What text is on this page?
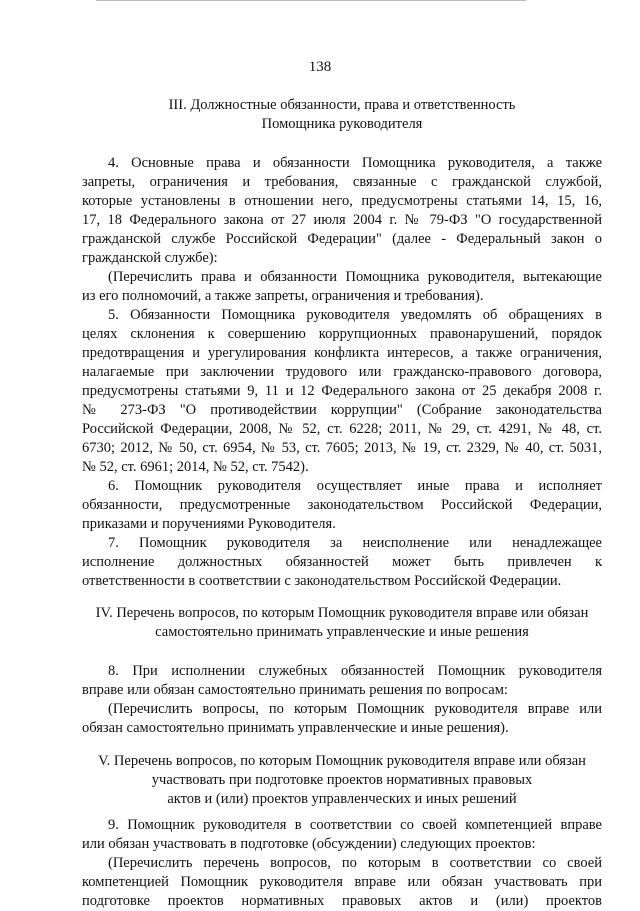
138

III. Должностные обязанности, права и ответственность

Помощника руководителя

4. Основные права и обязанности Помощника руководителя, а также

запреты, ограничения и требования, связанные с гражданской службой,

которые установлены в отношении него, предусмотрены статьями 14, 15, 16,

17, 18 Федерального закона от 27 июля 2004 г. № 79-ФЗ "О государственной

гражданской службе Российской Федерации" (далее - Федеральный закон о

гражданской службе):

(Перечислить права и обязанности Помощника руководителя, вытекающие

из его полномочий, а также запреты, ограничения и требования).

5. Обязанности Помощника руководителя уведомлять об обращениях в

целях склонения к совершению коррупционных правонарушений, порядок

предотвращения и урегулирования конфликта интересов, а также ограничения,

налагаемые при заключении трудового или гражданско-правового договора,

предусмотрены статьями 9, 11 и 12 Федерального закона от 25 декабря 2008 г.

№ 273-ФЗ "О противодействии коррупции" (Собрание законодательства

Российской Федерации, 2008, № 52, ст. 6228; 2011, № 29, ст. 4291, № 48, ст.

6730; 2012, № 50, ст. 6954, № 53, ст. 7605; 2013, № 19, ст. 2329, № 40, ст. 5031,

№ 52, ст. 6961; 2014, № 52, ст. 7542).

6. Помощник руководителя осуществляет иные права и исполняет

обязанности, предусмотренные законодательством Российской Федерации,

приказами и поручениями Руководителя.

7. Помощник руководителя за неисполнение или ненадлежащее

исполнение должностных обязанностей может быть привлечен к

ответственности в соответствии с законодательством Российской Федерации.

IV. Перечень вопросов, по которым Помощник руководителя вправе или обязан

самостоятельно принимать управленческие и иные решения

8. При исполнении служебных обязанностей Помощник руководителя

вправе или обязан самостоятельно принимать решения по вопросам:

(Перечислить вопросы, по которым Помощник руководителя вправе или

обязан самостоятельно принимать управленческие и иные решения).

V. Перечень вопросов, по которым Помощник руководителя вправе или обязан

участвовать при подготовке проектов нормативных правовых

актов и (или) проектов управленческих и иных решений

9. Помощник руководителя в соответствии со своей компетенцией вправе

или обязан участвовать в подготовке (обсуждении) следующих проектов:

(Перечислить перечень вопросов, по которым в соответствии со своей

компетенцией Помощник руководителя вправе или обязан участвовать при

подготовке проектов нормативных правовых актов и (или) проектов
